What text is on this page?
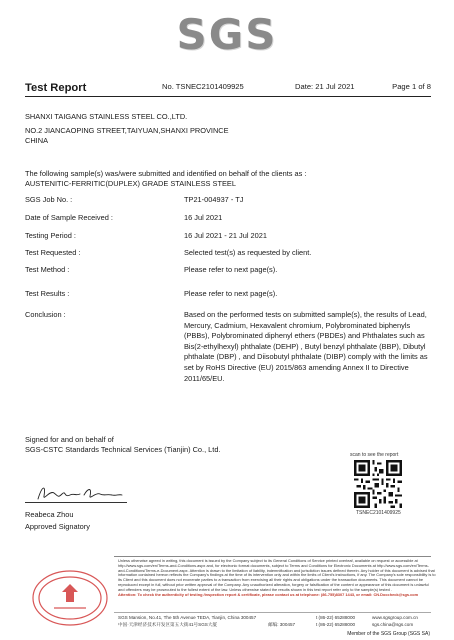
SGS
Test Report	No. TSNEC2101409925	Date: 21 Jul 2021	Page 1 of 8
SHANXI TAIGANG STAINLESS STEEL CO.,LTD.
NO.2 JIANCAOPING STREET,TAIYUAN,SHANXI PROVINCE
CHINA
The following sample(s) was/were submitted and identified on behalf of the clients as :
AUSTENITIC-FERRITIC(DUPLEX) GRADE STAINLESS STEEL
SGS Job No. :	TP21-004937 - TJ
Date of Sample Received :	16 Jul 2021
Testing Period :	16 Jul 2021 - 21 Jul 2021
Test Requested :	Selected test(s) as requested by client.
Test Method :	Please refer to next page(s).
Test Results :	Please refer to next page(s).
Conclusion :	Based on the performed tests on submitted sample(s), the results of Lead, Mercury, Cadmium, Hexavalent chromium, Polybrominated biphenyls (PBBs), Polybrominated diphenyl ethers (PBDEs) and Phthalates such as Bis(2-ethylhexyl) phthalate (DEHP) , Butyl benzyl phthalate (BBP), Dibutyl phthalate (DBP) , and Diisobutyl phthalate (DIBP) comply with the limits as set by RoHS Directive (EU) 2015/863 amending Annex II to Directive 2011/65/EU.
Signed for and on behalf of
SGS-CSTC Standards Technical Services (Tianjin) Co., Ltd.
Reabeca Zhou
Approved Signatory
scan to see the report
TSNEC2101409925
Unless otherwise agreed in writing, this document is issued by the Company subject to its General Conditions of Service printed overleaf, available on request or accessible at http://www.sgs.com/en/Terms-and-Conditions.aspx and, for electronic format documents, subject to Terms and Conditions for Electronic Documents at http://www.sgs.com/en/Terms-and-Conditions/Terms-e-Document.aspx. Attention is drawn to the limitation of liability, indemnification and jurisdiction issues defined therein. Any holder of this document is advised that information contained hereon reflects the Company's findings at the time of its intervention only and within the limits of Client's instructions, if any. The Company's sole responsibility is to its Client and this document does not exonerate parties to a transaction from exercising all their rights and obligations under the transaction documents. This document cannot be reproduced except in full, without prior written approval of the Company. Any unauthorized alteration, forgery or falsification of the content or appearance of this document is unlawful and offenders may be prosecuted to the fullest extent of the law. Unless otherwise stated the results shown in this test report refer only to the sample(s) tested .
Attention: To check the authenticity of testing /inspection report & certificate, please contact us at telephone: (86-755)8307 1443, or email: CN.Doccheck@sgs.com
SGS Mansion, No.41, The 5th Avenue TEDA, Tianjin, China 300457
中国·天津经济技术开发区第五大街41号SGS大厦	邮编: 300457
t (86-22) 65288000
t (86-22) 65288000
www.sgsgroup.com.cn
sgs.china@sgs.com
Member of the SGS Group (SGS SA)
